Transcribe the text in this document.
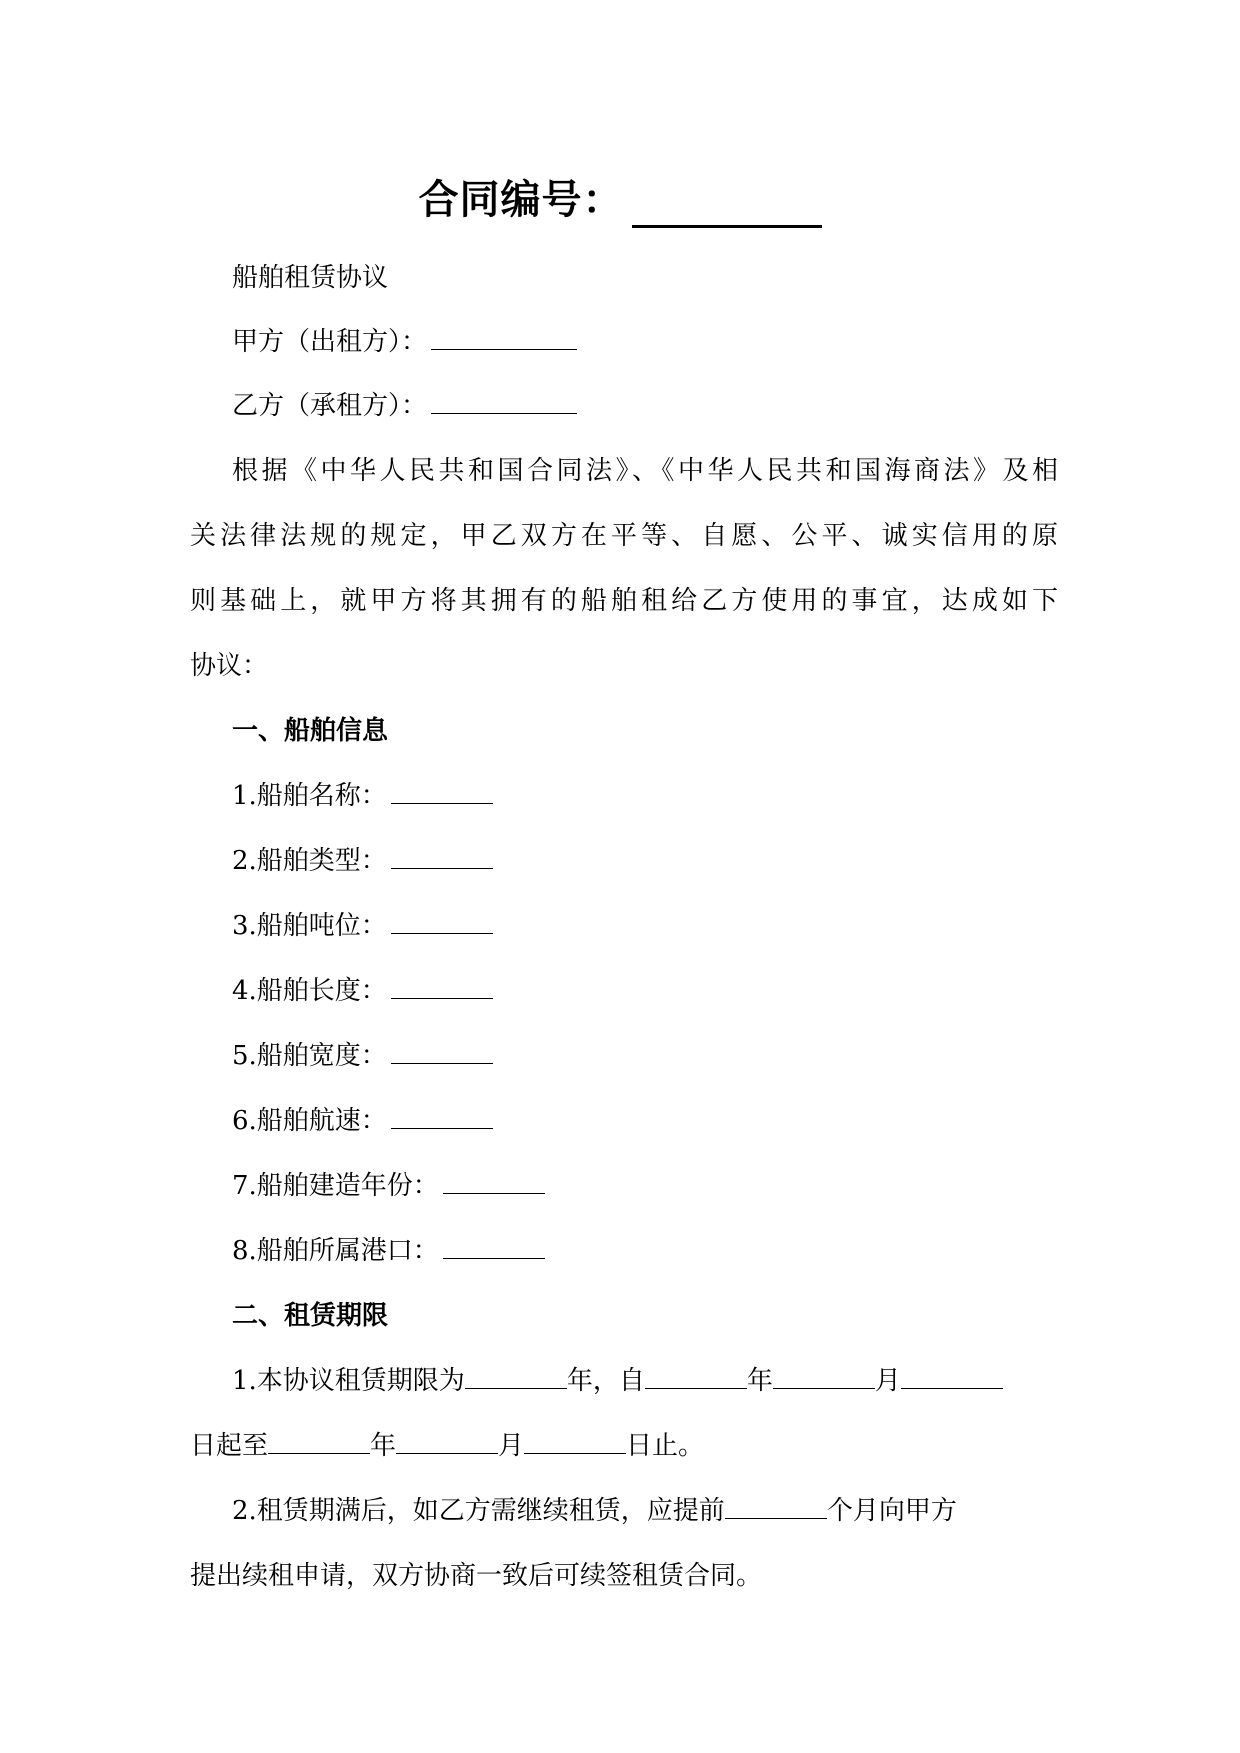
合同编号：
船舶租赁协议
甲方（出租方）：
乙方（承租方）：
根据《中华人民共和国合同法》、《中华人民共和国海商法》及相
关法律法规的规定，甲乙双方在平等、自愿、公平、诚实信用的原
则基础上，就甲方将其拥有的船舶租给乙方使用的事宜，达成如下
协议：
一、船舶信息
1.船舶名称：
2.船舶类型：
3.船舶吨位：
4.船舶长度：
5.船舶宽度：
6.船舶航速：
7.船舶建造年份：
8.船舶所属港口：
二、租赁期限
1.本协议租赁期限为	年，自	年	月
日起至	年	月	日止。
2.租赁期满后，如乙方需继续租赁，应提前	个月向甲方
提出续租申请，双方协商一致后可续签租赁合同。
